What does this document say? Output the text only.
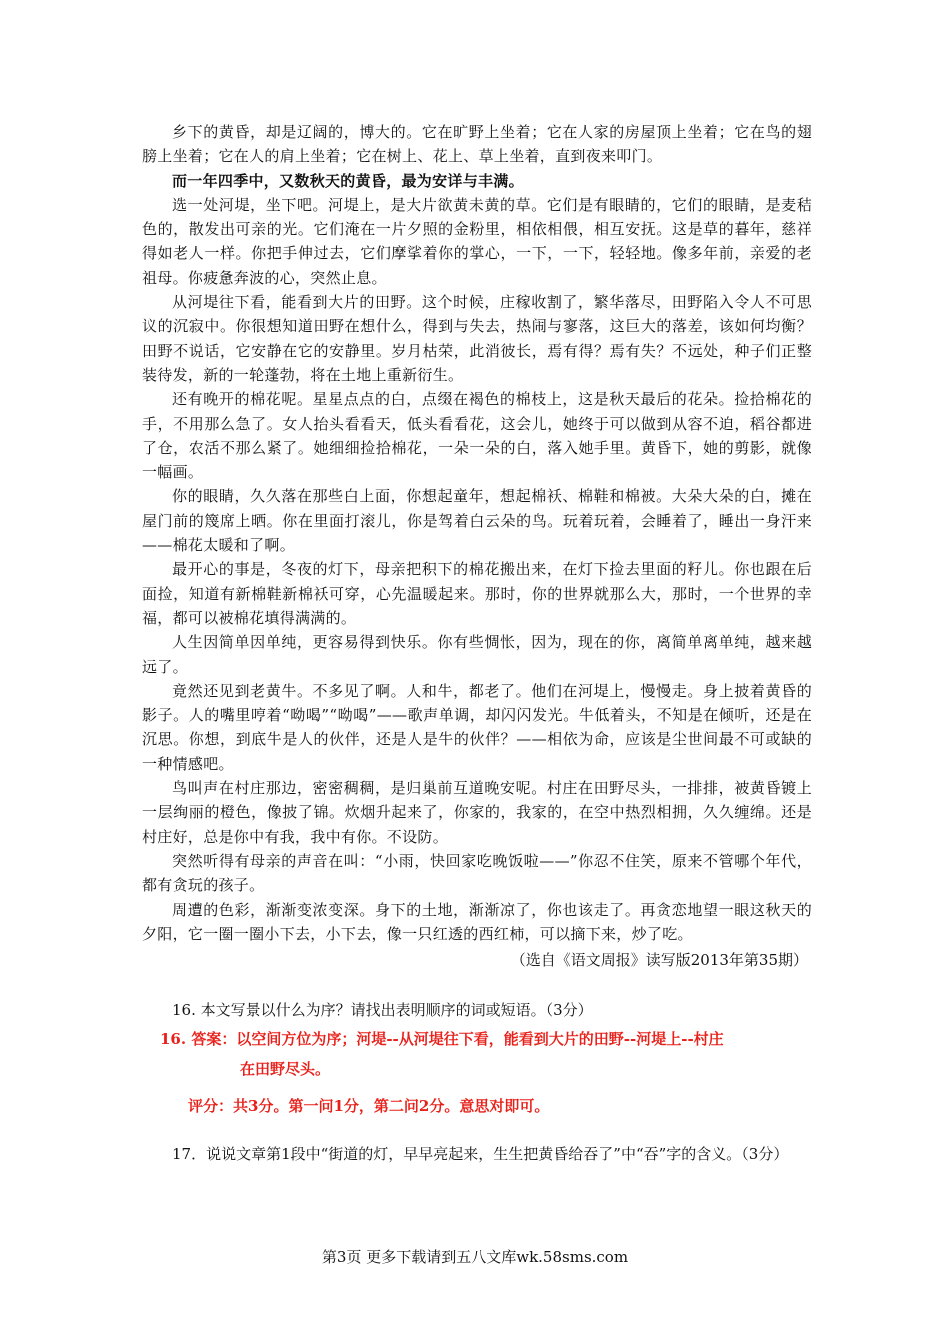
乡下的黄昏，却是辽阔的，博大的。它在旷野上坐着；它在人家的房屋顶上坐着；它在鸟的翅膀上坐着；它在人的肩上坐着；它在树上、花上、草上坐着，直到夜来叩门。

而一年四季中，又数秋天的黄昏，最为安详与丰满。

选一处河堤，坐下吧。河堤上，是大片欲黄未黄的草。它们是有眼睛的，它们的眼睛，是麦秸色的，散发出可亲的光。它们淹在一片夕照的金粉里，相依相偎，相互安抚。这是草的暮年，慈祥得如老人一样。你把手伸过去，它们摩挲着你的掌心，一下，一下，轻轻地。像多年前，亲爱的老祖母。你疲惫奔波的心，突然止息。

从河堤往下看，能看到大片的田野。这个时候，庄稼收割了，繁华落尽，田野陷入令人不可思议的沉寂中。你很想知道田野在想什么，得到与失去，热闹与寥落，这巨大的落差，该如何均衡？田野不说话，它安静在它的安静里。岁月枯荣，此消彼长，焉有得？焉有失？不远处，种子们正整装待发，新的一轮蓬勃，将在土地上重新衍生。

还有晚开的棉花呢。星星点点的白，点缀在褐色的棉枝上，这是秋天最后的花朵。捡拾棉花的手，不用那么急了。女人抬头看看天，低头看看花，这会儿，她终于可以做到从容不迫，稻谷都进了仓，农活不那么紧了。她细细捡拾棉花，一朵一朵的白，落入她手里。黄昏下，她的剪影，就像一幅画。

你的眼睛，久久落在那些白上面，你想起童年，想起棉袄、棉鞋和棉被。大朵大朵的白，摊在屋门前的篾席上晒。你在里面打滚儿，你是驾着白云朵的鸟。玩着玩着，会睡着了，睡出一身汗来——棉花太暖和了啊。

最开心的事是，冬夜的灯下，母亲把积下的棉花搬出来，在灯下捡去里面的籽儿。你也跟在后面捡，知道有新棉鞋新棉袄可穿，心先温暖起来。那时，你的世界就那么大，那时，一个世界的幸福，都可以被棉花填得满满的。

人生因简单因单纯，更容易得到快乐。你有些惆怅，因为，现在的你，离简单离单纯，越来越远了。

竟然还见到老黄牛。不多见了啊。人和牛，都老了。他们在河堤上，慢慢走。身上披着黄昏的影子。人的嘴里哼着“呦喝”“呦喝”——歌声单调，却闪闪发光。牛低着头，不知是在倾听，还是在沉思。你想，到底牛是人的伙伴，还是人是牛的伙伴？——相依为命，应该是尘世间最不可或缺的一种情感吧。

鸟叫声在村庄那边，密密稠稠，是归巢前互道晚安呢。村庄在田野尽头，一排排，被黄昏镀上一层绚丽的橙色，像披了锦。炊烟升起来了，你家的，我家的，在空中热烈相拥，久久缠绵。还是村庄好，总是你中有我，我中有你。不设防。

突然听得有母亲的声音在叫：“小雨，快回家吃晚饭啦——”你忍不住笑，原来不管哪个年代，都有贪玩的孩子。

周遭的色彩，渐渐变浓变深。身下的土地，渐渐凉了，你也该走了。再贪恋地望一眼这秋天的夕阳，它一圈一圈小下去，小下去，像一只红透的西红柿，可以摘下来，炒了吃。

（选自《语文周报》读写版2013年第35期）

16. 本文写景以什么为序？请找出表明顺序的词或短语。（3分）

16. 答案：以空间方位为序；河堤--从河堤往下看，能看到大片的田野--河堤上--村庄
在田野尽头。

评分：共3分。第一问1分，第二问2分。意思对即可。

17．说说文章第1段中“街道的灯，早早亮起来，生生把黄昏给吞了”中“吞”字的含义。（3分）

第3页 更多下载请到五八文库wk.58sms.com
